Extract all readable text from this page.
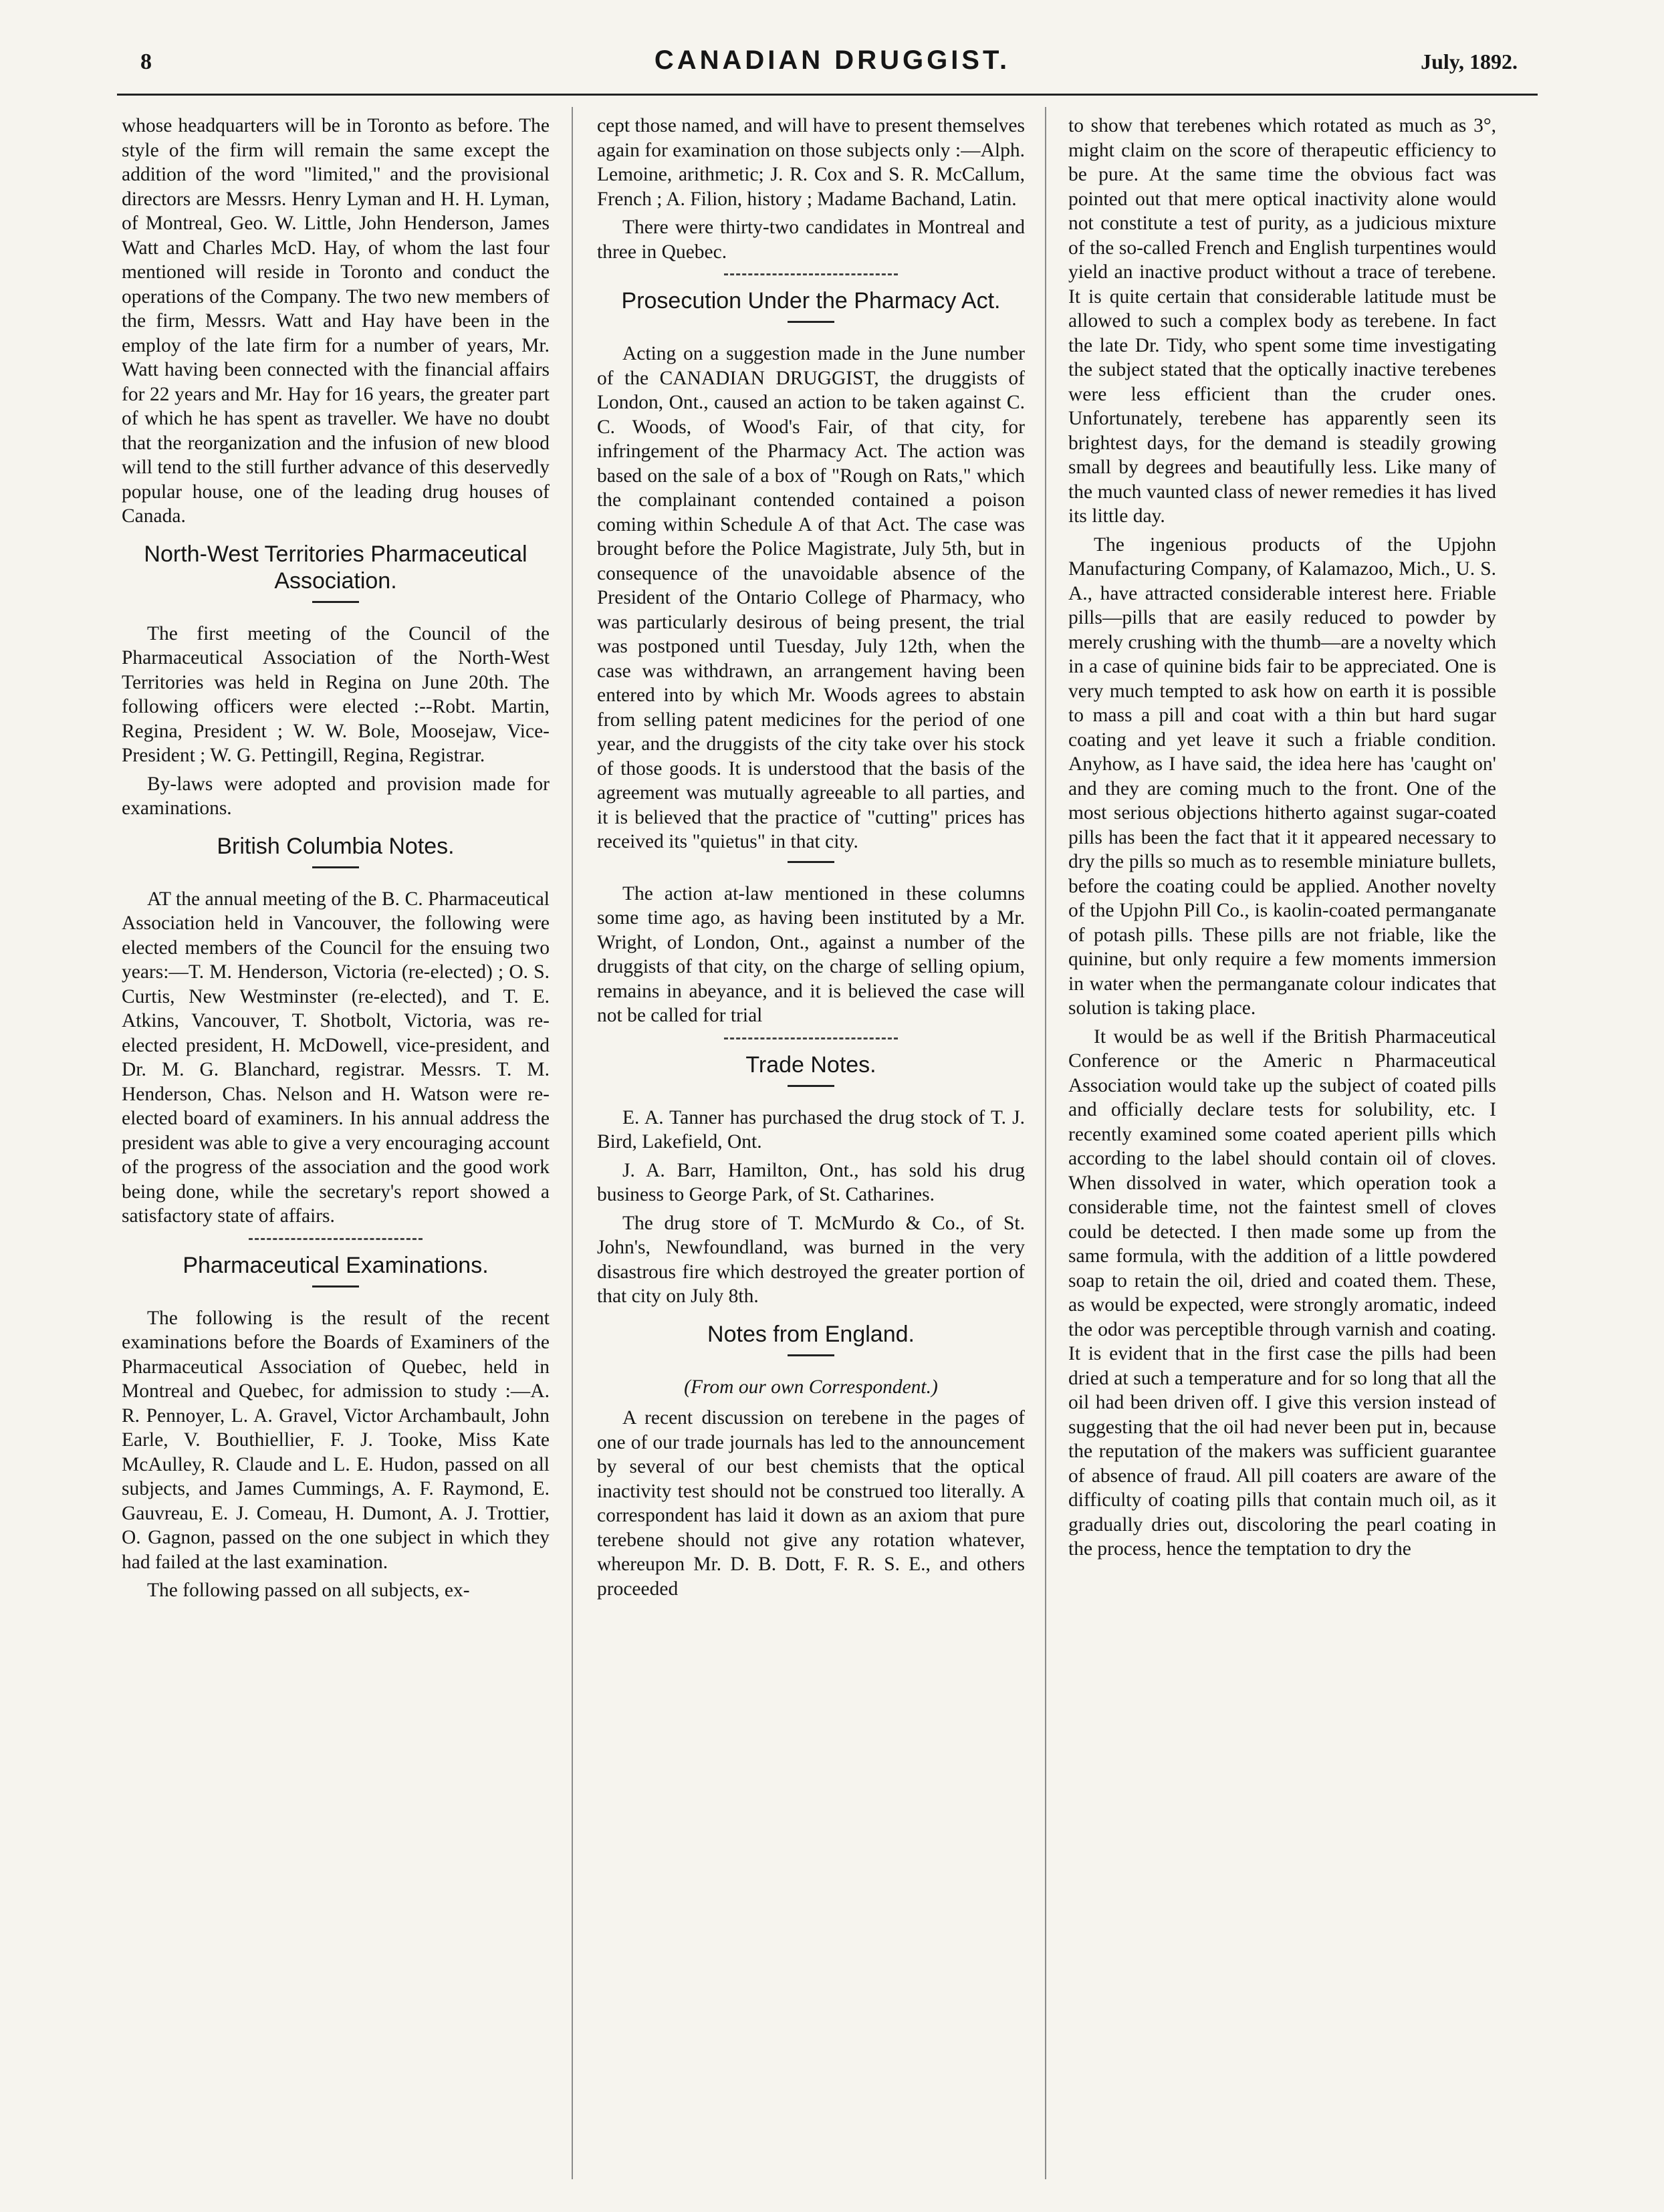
8	CANADIAN DRUGGIST.	July, 1892.

whose headquarters will be in Toronto as before. The style of the firm will remain the same except the addition of the word "limited," and the provisional directors are Messrs. Henry Lyman and H. H. Lyman, of Montreal, Geo. W. Little, John Henderson, James Watt and Charles McD. Hay, of whom the last four mentioned will reside in Toronto and conduct the operations of the Company. The two new members of the firm, Messrs. Watt and Hay have been in the employ of the late firm for a number of years, Mr. Watt having been connected with the financial affairs for 22 years and Mr. Hay for 16 years, the greater part of which he has spent as traveller. We have no doubt that the reorganization and the infusion of new blood will tend to the still further advance of this deservedly popular house, one of the leading drug houses of Canada.

North-West Territories Pharmaceutical Association.

The first meeting of the Council of the Pharmaceutical Association of the North-West Territories was held in Regina on June 20th. The following officers were elected :--Robt. Martin, Regina, President ; W. W. Bole, Moosejaw, Vice-President ; W. G. Pettingill, Regina, Registrar.

By-laws were adopted and provision made for examinations.

British Columbia Notes.

AT the annual meeting of the B. C. Pharmaceutical Association held in Vancouver, the following were elected members of the Council for the ensuing two years:—T. M. Henderson, Victoria (re-elected) ; O. S. Curtis, New Westminster (re-elected), and T. E. Atkins, Vancouver, T. Shotbolt, Victoria, was re-elected president, H. McDowell, vice-president, and Dr. M. G. Blanchard, registrar. Messrs. T. M. Henderson, Chas. Nelson and H. Watson were re-elected board of examiners. In his annual address the president was able to give a very encouraging account of the progress of the association and the good work being done, while the secretary's report showed a satisfactory state of affairs.

Pharmaceutical Examinations.

The following is the result of the recent examinations before the Boards of Examiners of the Pharmaceutical Association of Quebec, held in Montreal and Quebec, for admission to study :—A. R. Pennoyer, L. A. Gravel, Victor Archambault, John Earle, V. Bouthiellier, F. J. Tooke, Miss Kate McAulley, R. Claude and L. E. Hudon, passed on all subjects, and James Cummings, A. F. Raymond, E. Gauvreau, E. J. Comeau, H. Dumont, A. J. Trottier, O. Gagnon, passed on the one subject in which they had failed at the last examination.

The following passed on all subjects, ex-

cept those named, and will have to present themselves again for examination on those subjects only :—Alph. Lemoine, arithmetic; J. R. Cox and S. R. McCallum, French ; A. Filion, history ; Madame Bachand, Latin.

There were thirty-two candidates in Montreal and three in Quebec.

Prosecution Under the Pharmacy Act.

Acting on a suggestion made in the June number of the CANADIAN DRUGGIST, the druggists of London, Ont., caused an action to be taken against C. C. Woods, of Wood's Fair, of that city, for infringement of the Pharmacy Act. The action was based on the sale of a box of "Rough on Rats," which the complainant contended contained a poison coming within Schedule A of that Act. The case was brought before the Police Magistrate, July 5th, but in consequence of the unavoidable absence of the President of the Ontario College of Pharmacy, who was particularly desirous of being present, the trial was postponed until Tuesday, July 12th, when the case was withdrawn, an arrangement having been entered into by which Mr. Woods agrees to abstain from selling patent medicines for the period of one year, and the druggists of the city take over his stock of those goods. It is understood that the basis of the agreement was mutually agreeable to all parties, and it is believed that the practice of "cutting" prices has received its "quietus" in that city.

The action at-law mentioned in these columns some time ago, as having been instituted by a Mr. Wright, of London, Ont., against a number of the druggists of that city, on the charge of selling opium, remains in abeyance, and it is believed the case will not be called for trial

Trade Notes.

E. A. Tanner has purchased the drug stock of T. J. Bird, Lakefield, Ont.

J. A. Barr, Hamilton, Ont., has sold his drug business to George Park, of St. Catharines.

The drug store of T. McMurdo & Co., of St. John's, Newfoundland, was burned in the very disastrous fire which destroyed the greater portion of that city on July 8th.

Notes from England.
(From our own Correspondent.)

A recent discussion on terebene in the pages of one of our trade journals has led to the announcement by several of our best chemists that the optical inactivity test should not be construed too literally. A correspondent has laid it down as an axiom that pure terebene should not give any rotation whatever, whereupon Mr. D. B. Dott, F. R. S. E., and others proceeded

to show that terebenes which rotated as much as 3°, might claim on the score of therapeutic efficiency to be pure. At the same time the obvious fact was pointed out that mere optical inactivity alone would not constitute a test of purity, as a judicious mixture of the so-called French and English turpentines would yield an inactive product without a trace of terebene. It is quite certain that considerable latitude must be allowed to such a complex body as terebene. In fact the late Dr. Tidy, who spent some time investigating the subject stated that the optically inactive terebenes were less efficient than the cruder ones. Unfortunately, terebene has apparently seen its brightest days, for the demand is steadily growing small by degrees and beautifully less. Like many of the much vaunted class of newer remedies it has lived its little day.

The ingenious products of the Upjohn Manufacturing Company, of Kalamazoo, Mich., U. S. A., have attracted considerable interest here. Friable pills—pills that are easily reduced to powder by merely crushing with the thumb—are a novelty which in a case of quinine bids fair to be appreciated. One is very much tempted to ask how on earth it is possible to mass a pill and coat with a thin but hard sugar coating and yet leave it such a friable condition. Anyhow, as I have said, the idea here has 'caught on' and they are coming much to the front. One of the most serious objections hitherto against sugar-coated pills has been the fact that it it appeared necessary to dry the pills so much as to resemble miniature bullets, before the coating could be applied. Another novelty of the Upjohn Pill Co., is kaolin-coated permanganate of potash pills. These pills are not friable, like the quinine, but only require a few moments immersion in water when the permanganate colour indicates that solution is taking place.

It would be as well if the British Pharmaceutical Conference or the Americ n Pharmaceutical Association would take up the subject of coated pills and officially declare tests for solubility, etc. I recently examined some coated aperient pills which according to the label should contain oil of cloves. When dissolved in water, which operation took a considerable time, not the faintest smell of cloves could be detected. I then made some up from the same formula, with the addition of a little powdered soap to retain the oil, dried and coated them. These, as would be expected, were strongly aromatic, indeed the odor was perceptible through varnish and coating. It is evident that in the first case the pills had been dried at such a temperature and for so long that all the oil had been driven off. I give this version instead of suggesting that the oil had never been put in, because the reputation of the makers was sufficient guarantee of absence of fraud. All pill coaters are aware of the difficulty of coating pills that contain much oil, as it gradually dries out, discoloring the pearl coating in the process, hence the temptation to dry the
